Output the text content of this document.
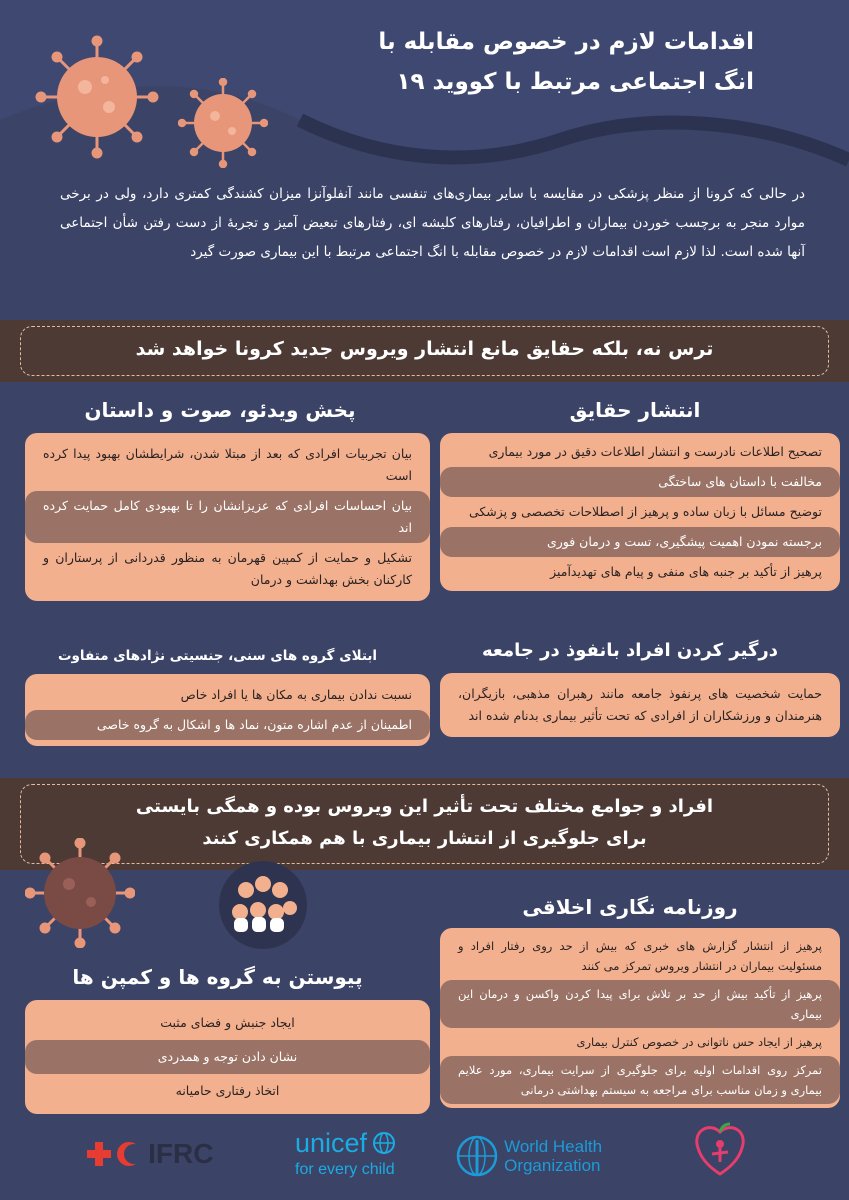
اقدامات لازم در خصوص مقابله با
انگ اجتماعی مرتبط با کووید ۱۹
در حالی که کرونا از منظر پزشکی در مقایسه با سایر بیماری‌های تنفسی مانند آنفلوآنزا میزان کشندگی کمتری دارد، ولی در برخی موارد منجر به برچسب خوردن بیماران و اطرافیان، رفتارهای کلیشه ای، رفتارهای تبعیض آمیز و تجربهٔ از دست رفتن شأن اجتماعی آنها شده است. لذا لازم است اقدامات لازم در خصوص مقابله با انگ اجتماعی مرتبط با این بیماری صورت گیرد
ترس نه، بلکه حقایق مانع انتشار ویروس جدید کرونا خواهد شد
انتشار حقایق
تصحیح اطلاعات نادرست و انتشار اطلاعات دقیق در مورد بیماری
مخالفت با داستان های ساختگی
توضیح مسائل با زبان ساده و پرهیز از اصطلاحات تخصصی و پزشکی
برجسته نمودن اهمیت پیشگیری، تست و درمان فوری
پرهیز از تأکید بر جنبه های منفی و پیام های تهدیدآمیز
پخش ویدئو، صوت و داستان
بیان تجربیات افرادی که بعد از مبتلا شدن، شرایطشان بهبود پیدا کرده است
بیان احساسات افرادی که عزیزانشان را تا بهبودی کامل حمایت کرده اند
تشکیل و حمایت از کمپین قهرمان به منظور قدردانی از پرستاران و کارکنان بخش بهداشت و درمان
درگیر کردن افراد بانفوذ در جامعه
حمایت شخصیت های پرنفوذ جامعه مانند رهبران مذهبی، بازیگران، هنرمندان و ورزشکاران از افرادی که تحت تأثیر بیماری بدنام شده اند
ابتلای گروه های سنی، جنسیتی نژادهای متفاوت
نسبت ندادن بیماری به مکان ها یا افراد خاص
اطمینان از عدم اشاره متون، نماد ها و اشکال به گروه خاصی
افراد و جوامع مختلف تحت تأثیر این ویروس بوده و همگی بایستی
برای جلوگیری از انتشار بیماری با هم همکاری کنند
روزنامه نگاری اخلاقی
پرهیز از انتشار گزارش های خبری که بیش از حد روی رفتار افراد و مسئولیت بیماران در انتشار ویروس تمرکز می کنند
پرهیز از تأکید بیش از حد بر تلاش برای پیدا کردن واکسن و درمان این بیماری
پرهیز از ایجاد حس ناتوانی در خصوص کنترل بیماری
تمرکز روی اقدامات اولیه برای جلوگیری از سرایت بیماری، مورد علایم بیماری و زمان مناسب برای مراجعه به سیستم بهداشتی درمانی
پیوستن به گروه ها و کمپن ها
ایجاد جنبش و فضای مثبت
نشان دادن توجه و همدردی
اتخاذ رفتاری حامیانه
IFRC	unicef
for every child

World Health
Organization
